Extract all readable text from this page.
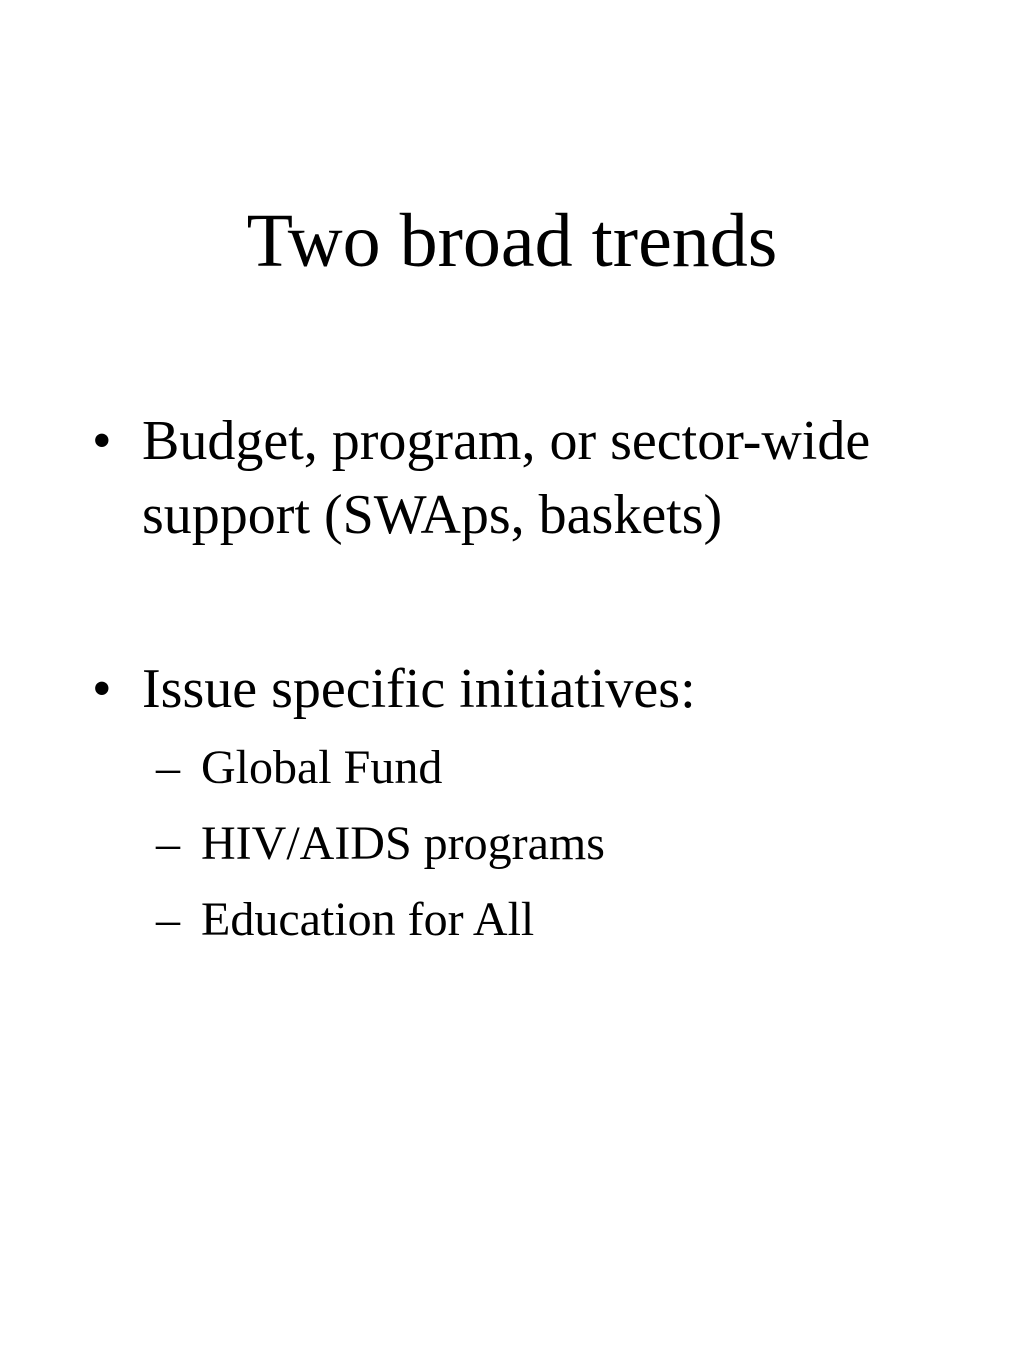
Two broad trends
• Budget, program, or sector-wide
support (SWAps, baskets)
• Issue specific initiatives:
– Global Fund
– HIV/AIDS programs
– Education for All
